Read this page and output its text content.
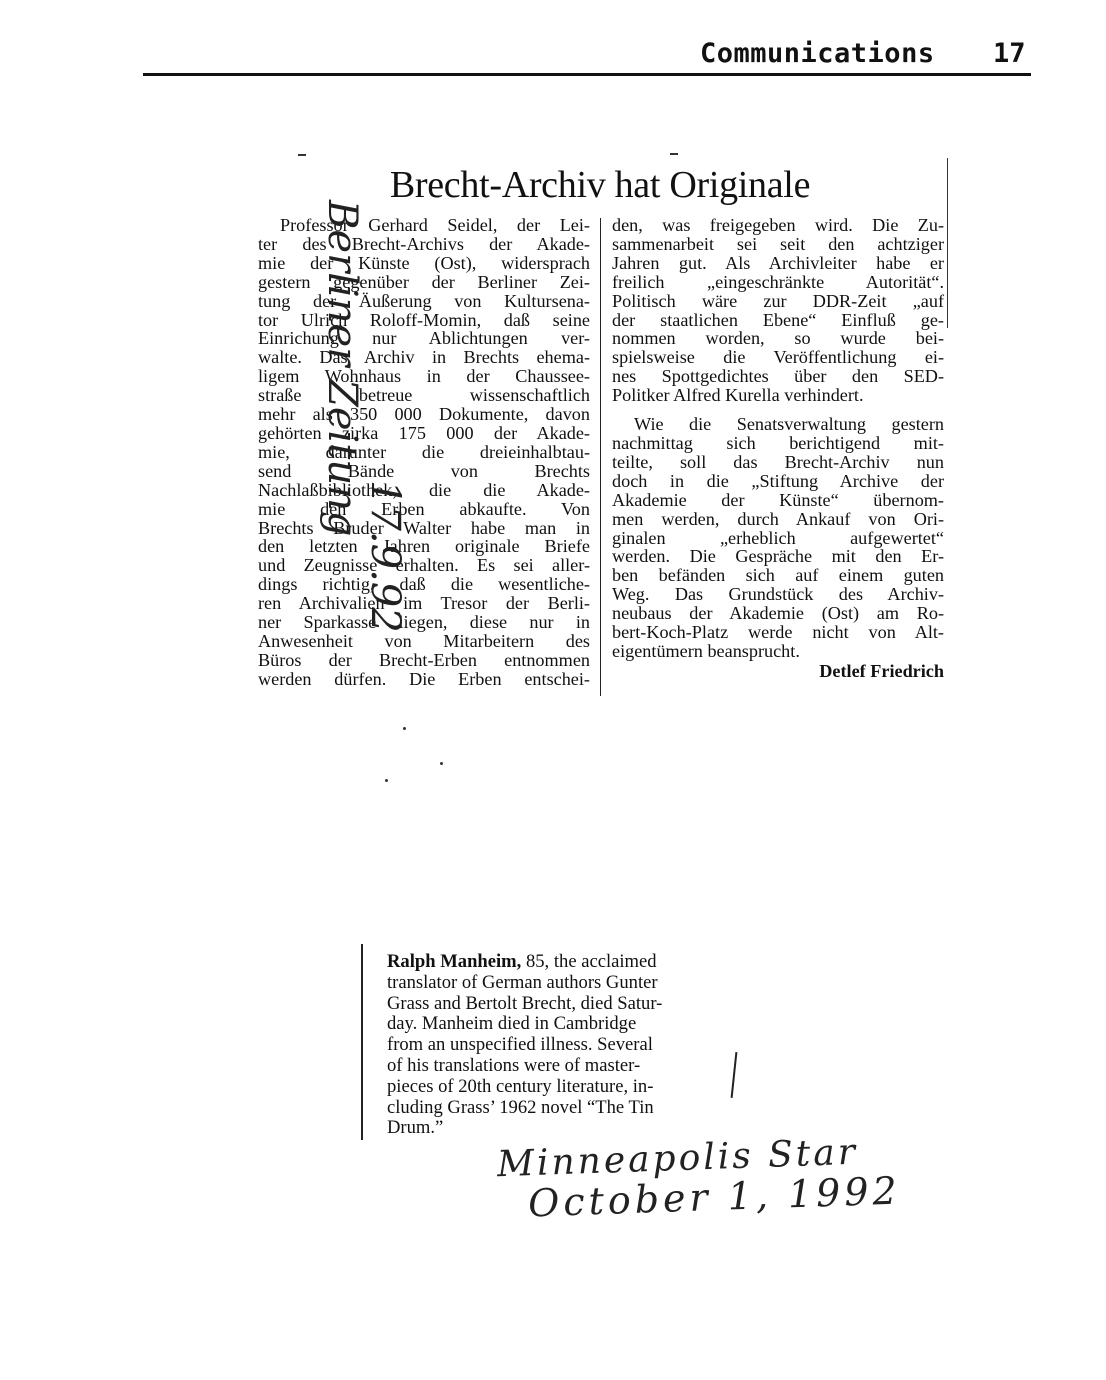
Communications 17
Brecht-Archiv hat Originale
Professor Gerhard Seidel, der Lei-
ter des Brecht-Archivs der Akade-
mie der Künste (Ost), widersprach
gestern gegenüber der Berliner Zei-
tung der Äußerung von Kultursena-
tor Ulrich Roloff-Momin, daß seine
Einrichung nur Ablichtungen ver-
walte. Das Archiv in Brechts ehema-
ligem Wohnhaus in der Chaussee-
straße betreue wissenschaftlich
mehr als 350 000 Dokumente, davon
gehörten zirka 175 000 der Akade-
mie, darunter die dreieinhalbtau-
send Bände von Brechts
Nachlaßbibliothek, die die Akade-
mie den Erben abkaufte. Von
Brechts Bruder Walter habe man in
den letzten Jahren originale Briefe
und Zeugnisse erhalten. Es sei aller-
dings richtig, daß die wesentliche-
ren Archivalien im Tresor der Berli-
ner Sparkasse liegen, diese nur in
Anwesenheit von Mitarbeitern des
Büros der Brecht-Erben entnommen
werden dürfen. Die Erben entschei-
den, was freigegeben wird. Die Zu-
sammenarbeit sei seit den achtziger
Jahren gut. Als Archivleiter habe er
freilich „eingeschränkte Autorität“.
Politisch wäre zur DDR-Zeit „auf
der staatlichen Ebene“ Einfluß ge-
nommen worden, so wurde bei-
spielsweise die Veröffentlichung ei-
nes Spottgedichtes über den SED-
Politker Alfred Kurella verhindert.
Wie die Senatsverwaltung gestern
nachmittag sich berichtigend mit-
teilte, soll das Brecht-Archiv nun
doch in die „Stiftung Archive der
Akademie der Künste“ übernom-
men werden, durch Ankauf von Ori-
ginalen „erheblich aufgewertet“
werden. Die Gespräche mit den Er-
ben befänden sich auf einem guten
Weg. Das Grundstück des Archiv-
neubaus der Akademie (Ost) am Ro-
bert-Koch-Platz werde nicht von Alt-
eigentümern beansprucht.
Detlef Friedrich
Berliner Zeitung
17.9.92
Ralph Manheim, 85, the acclaimed
translator of German authors Gunter
Grass and Bertolt Brecht, died Satur-
day. Manheim died in Cambridge
from an unspecified illness. Several
of his translations were of master-
pieces of 20th century literature, in-
cluding Grass’ 1962 novel “The Tin
Drum.”
Minneapolis Star
October 1, 1992
